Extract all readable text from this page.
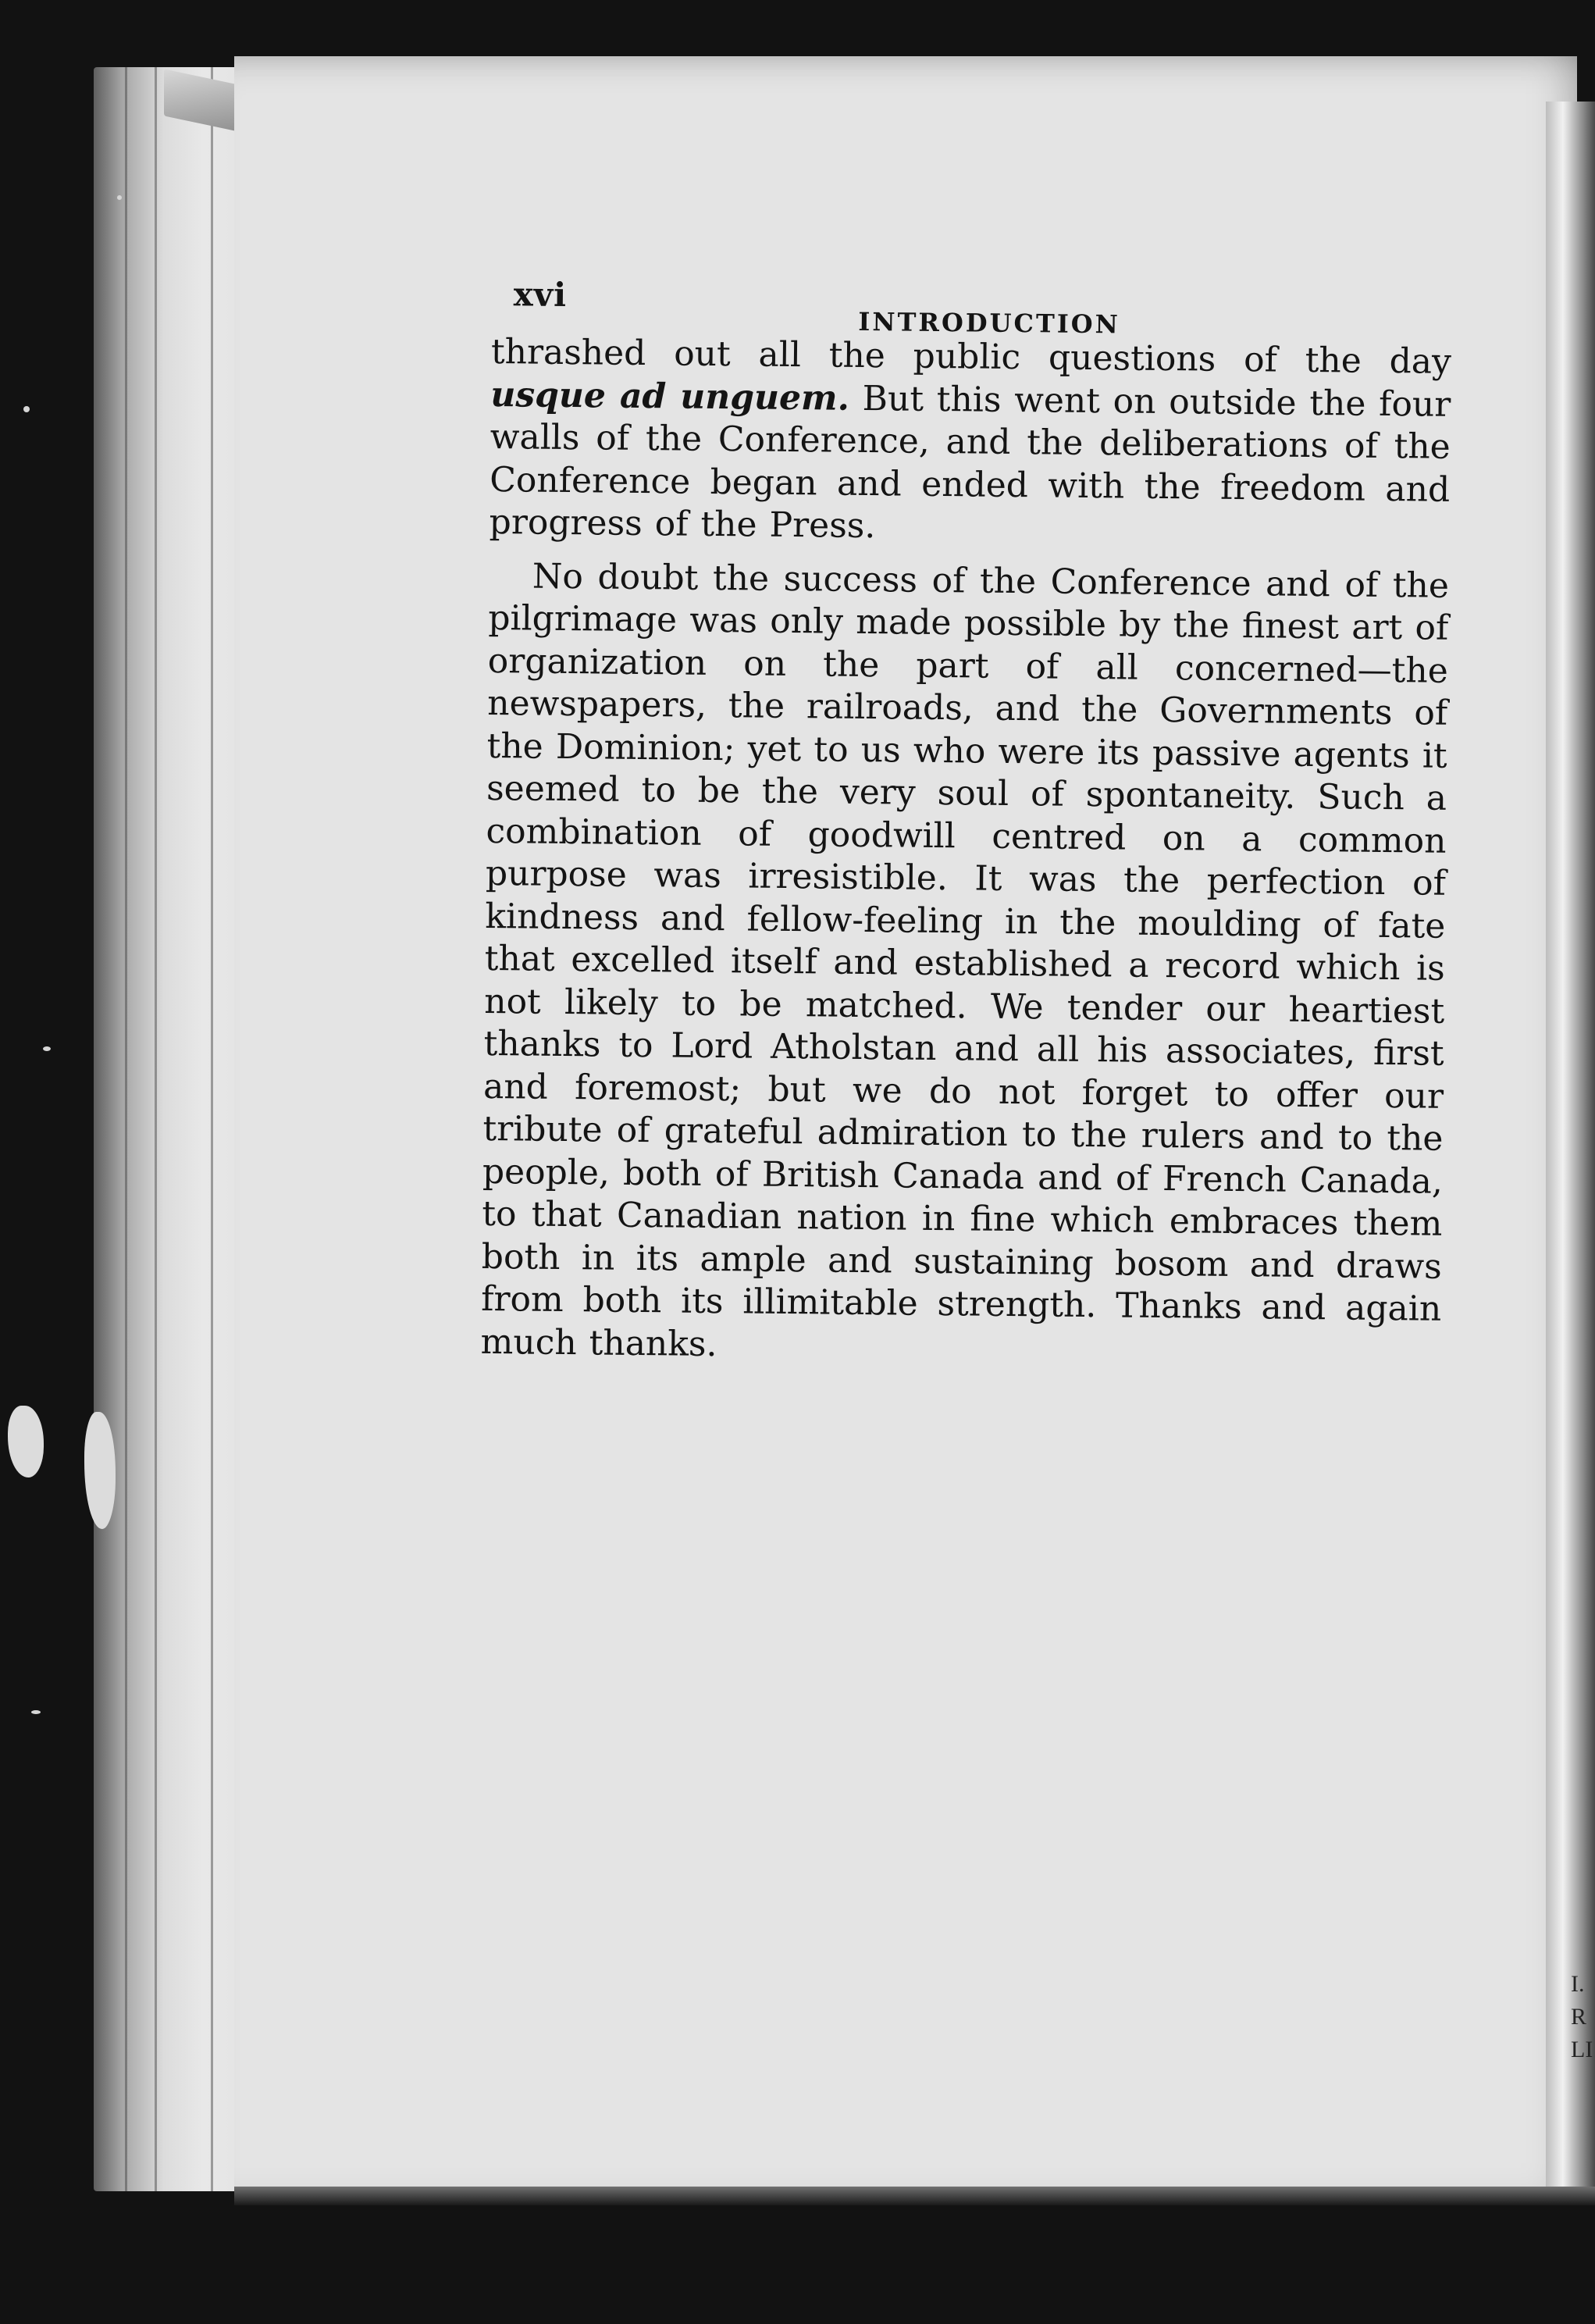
xvi
INTRODUCTION

thrashed out all the public questions of the day usque ad unguem. But this went on outside the four walls of the Conference, and the deliberations of the Conference began and ended with the freedom and progress of the Press.

No doubt the success of the Conference and of the pilgrimage was only made possible by the finest art of organization on the part of all concerned—the newspapers, the railroads, and the Governments of the Dominion; yet to us who were its passive agents it seemed to be the very soul of spontaneity. Such a combination of goodwill centred on a common purpose was irresistible. It was the perfection of kindness and fellow-feeling in the moulding of fate that excelled itself and established a record which is not likely to be matched. We tender our heartiest thanks to Lord Atholstan and all his associates, first and foremost; but we do not forget to offer our tribute of grateful admiration to the rulers and to the people, both of British Canada and of French Canada, to that Canadian nation in fine which embraces them both in its ample and sustaining bosom and draws from both its illimitable strength. Thanks and again much thanks.

I.
R
LI
